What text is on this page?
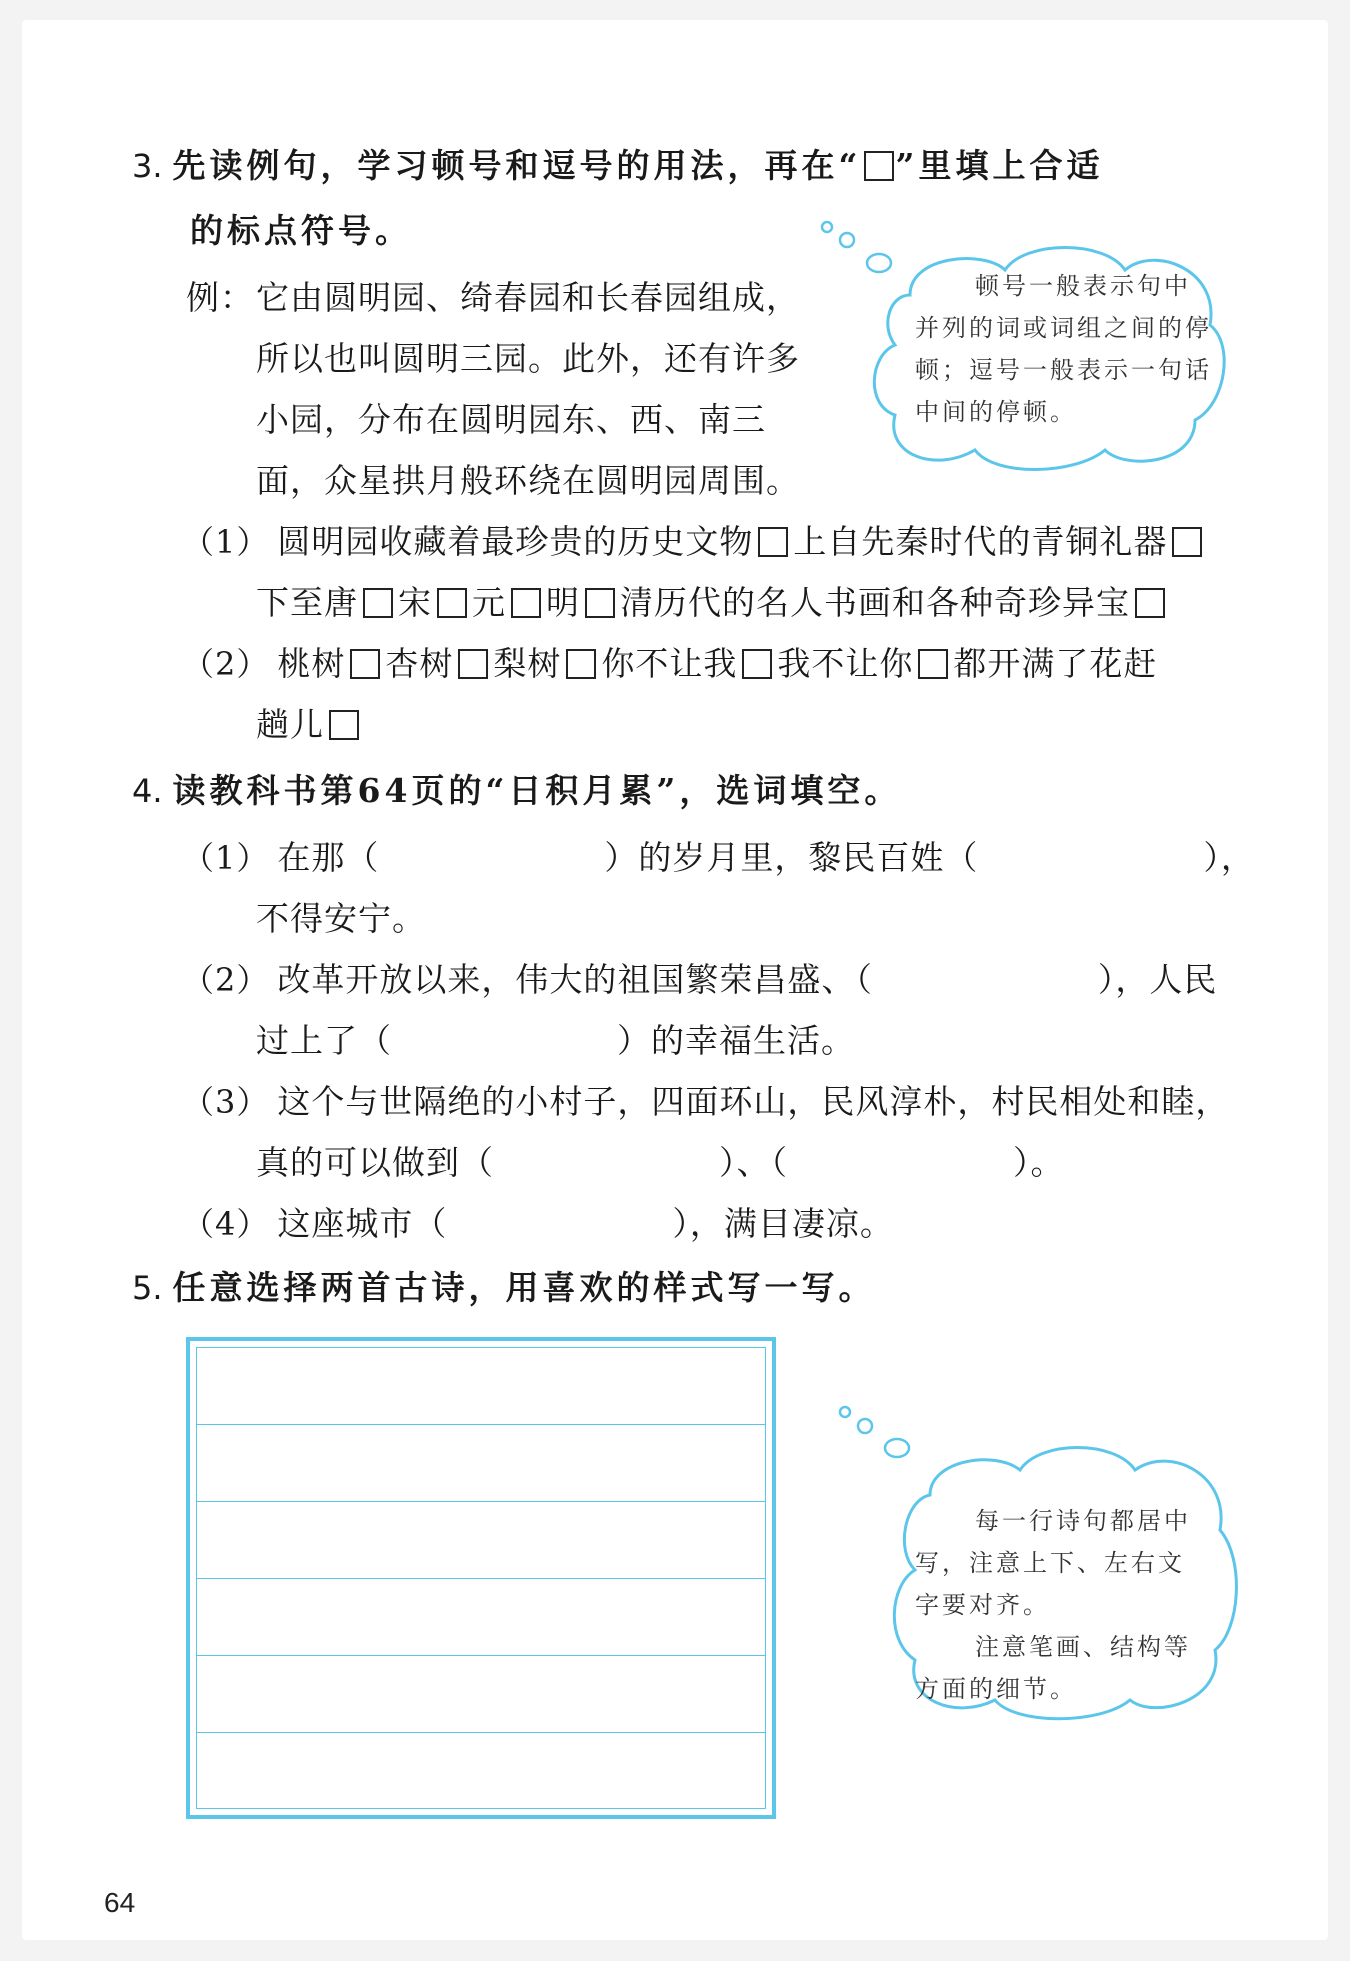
3. 先读例句，学习顿号和逗号的用法，再在“ ”里填上合适
的标点符号。
例： 它由圆明园、绮春园和长春园组成，
所以也叫圆明三园。此外，还有许多
小园，分布在圆明园东、西、南三
面，众星拱月般环绕在圆明园周围。
顿号一般表示句中并列的词或词组之间的停顿；逗号一般表示一句话中间的停顿。
（1） 圆明园收藏着最珍贵的历史文物 上自先秦时代的青铜礼器
下至唐 宋 元 明 清历代的名人书画和各种奇珍异宝
（2） 桃树 杏树 梨树 你不让我 我不让你 都开满了花赶
趟儿
4. 读教科书第64页的“日积月累”，选词填空。
（1） 在那（	）的岁月里，黎民百姓（	），
不得安宁。
（2） 改革开放以来，伟大的祖国繁荣昌盛、（	），人民
过上了（	）的幸福生活。
（3） 这个与世隔绝的小村子，四面环山，民风淳朴，村民相处和睦，
真的可以做到（	）、（	）。
（4） 这座城市（	），满目凄凉。
5. 任意选择两首古诗，用喜欢的样式写一写。
每一行诗句都居中写，注意上下、左右文字要对齐。
注意笔画、结构等方面的细节。
64
